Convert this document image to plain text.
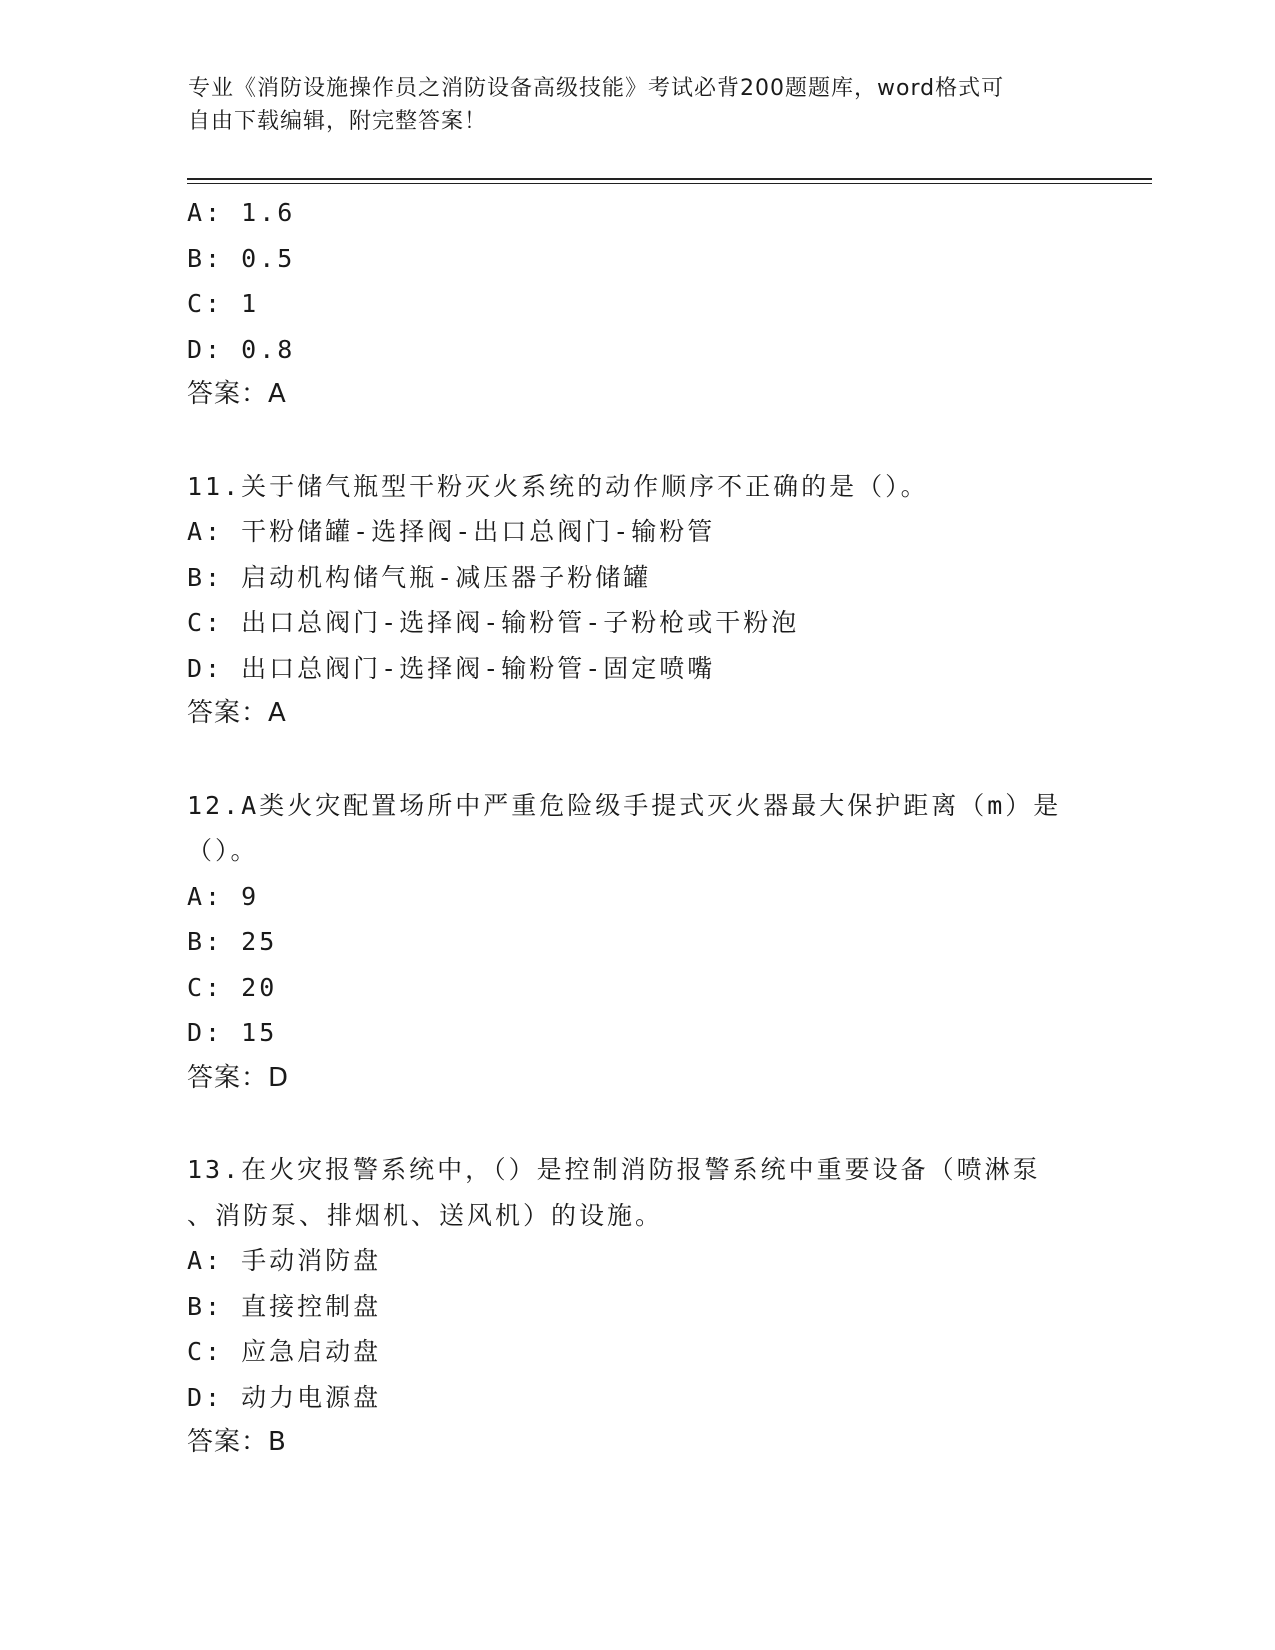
专业《消防设施操作员之消防设备高级技能》考试必背200题题库，word格式可
自由下载编辑，附完整答案！
A: 1.6
B: 0.5
C: 1
D: 0.8
答案：A
11.关于储气瓶型干粉灭火系统的动作顺序不正确的是（）。
A: 干粉储罐-选择阀-出口总阀门-输粉管
B: 启动机构储气瓶-减压器子粉储罐
C: 出口总阀门-选择阀-输粉管-子粉枪或干粉泡
D: 出口总阀门-选择阀-输粉管-固定喷嘴
答案：A
12.A类火灾配置场所中严重危险级手提式灭火器最大保护距离（m）是
（）。
A: 9
B: 25
C: 20
D: 15
答案：D
13.在火灾报警系统中，（）是控制消防报警系统中重要设备（喷淋泵
、消防泵、排烟机、送风机）的设施。
A: 手动消防盘
B: 直接控制盘
C: 应急启动盘
D: 动力电源盘
答案：B
